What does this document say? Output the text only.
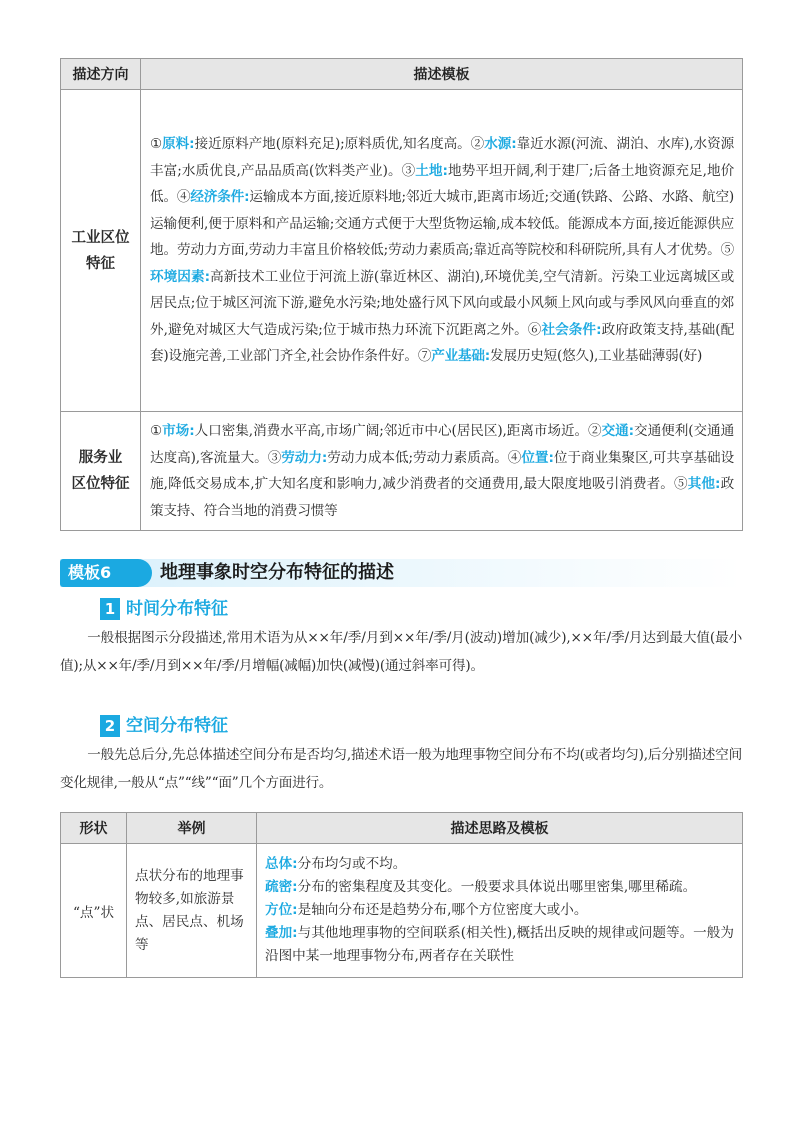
描述方向	描述模板
工业区位
特征	①原料:接近原料产地(原料充足);原料质优,知名度高。②水源:靠近水源(河流、湖泊、水库),水资源丰富;水质优良,产品品质高(饮料类产业)。③土地:地势平坦开阔,利于建厂;后备土地资源充足,地价低。④经济条件:运输成本方面,接近原料地;邻近大城市,距离市场近;交通(铁路、公路、水路、航空)运输便利,便于原料和产品运输;交通方式便于大型货物运输,成本较低。能源成本方面,接近能源供应地。劳动力方面,劳动力丰富且价格较低;劳动力素质高;靠近高等院校和科研院所,具有人才优势。⑤环境因素:高新技术工业位于河流上游(靠近林区、湖泊),环境优美,空气清新。污染工业远离城区或居民点;位于城区河流下游,避免水污染;地处盛行风下风向或最小风频上风向或与季风风向垂直的郊外,避免对城区大气造成污染;位于城市热力环流下沉距离之外。⑥社会条件:政府政策支持,基础(配套)设施完善,工业部门齐全,社会协作条件好。⑦产业基础:发展历史短(悠久),工业基础薄弱(好)
服务业
区位特征	①市场:人口密集,消费水平高,市场广阔;邻近市中心(居民区),距离市场近。②交通:交通便利(交通通达度高),客流量大。③劳动力:劳动力成本低;劳动力素质高。④位置:位于商业集聚区,可共享基础设施,降低交易成本,扩大知名度和影响力,减少消费者的交通费用,最大限度地吸引消费者。⑤其他:政策支持、符合当地的消费习惯等
模板6	地理事象时空分布特征的描述
1 时间分布特征
一般根据图示分段描述,常用术语为从××年/季/月到××年/季/月(波动)增加(减少),××年/季/月达到最大值(最小值);从××年/季/月到××年/季/月增幅(减幅)加快(减慢)(通过斜率可得)。
2 空间分布特征
一般先总后分,先总体描述空间分布是否均匀,描述术语一般为地理事物空间分布不均(或者均匀),后分别描述空间变化规律,一般从“点”“线”“面”几个方面进行。
形状	举例	描述思路及模板
“点”状	点状分布的地理事物较多,如旅游景点、居民点、机场等	总体:分布均匀或不均。
疏密:分布的密集程度及其变化。一般要求具体说出哪里密集,哪里稀疏。
方位:是轴向分布还是趋势分布,哪个方位密度大或小。
叠加:与其他地理事物的空间联系(相关性),概括出反映的规律或问题等。一般为沿图中某一地理事物分布,两者存在关联性
